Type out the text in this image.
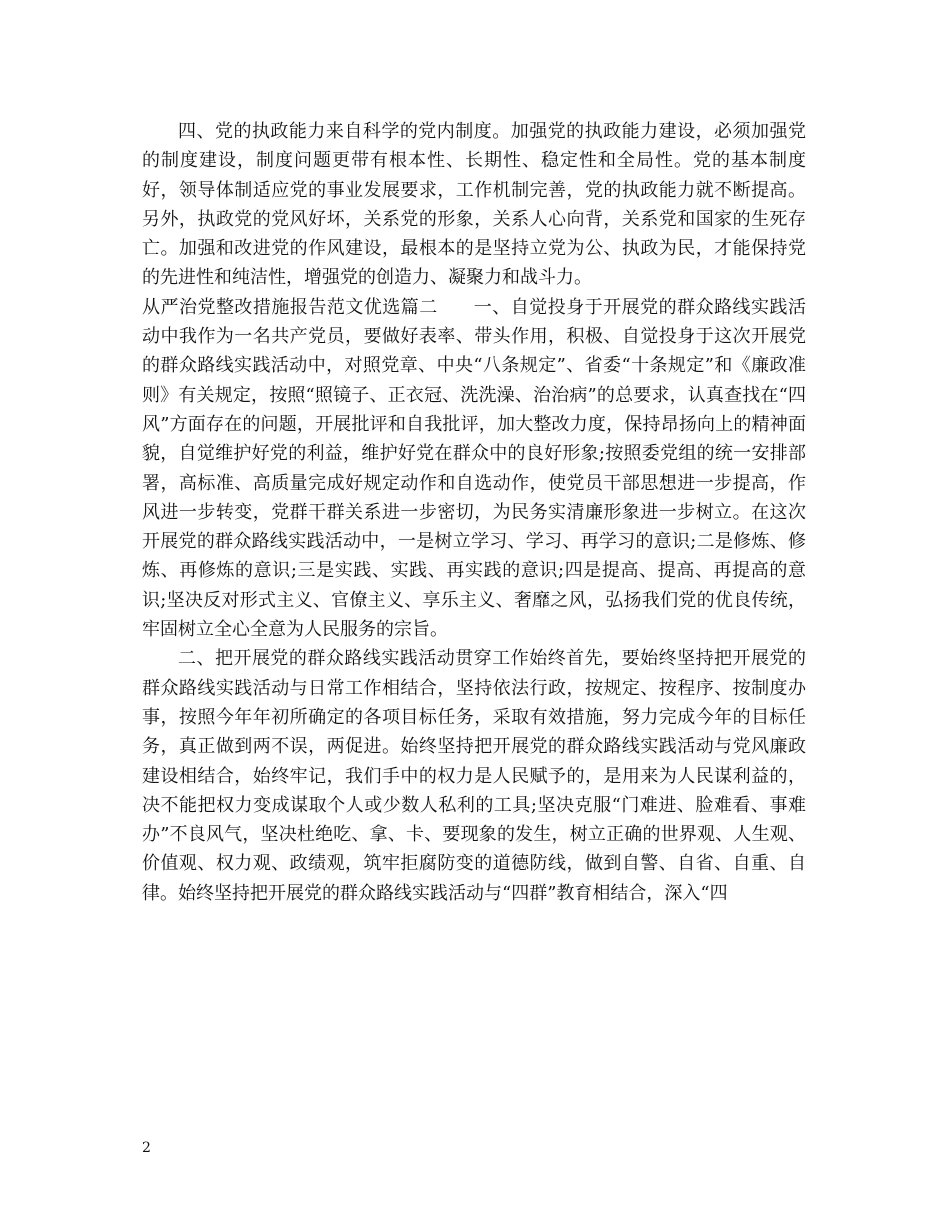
四、党的执政能力来自科学的党内制度。加强党的执政能力建设，必须加强党的制度建设，制度问题更带有根本性、长期性、稳定性和全局性。党的基本制度好，领导体制适应党的事业发展要求，工作机制完善，党的执政能力就不断提高。另外，执政党的党风好坏，关系党的形象，关系人心向背，关系党和国家的生死存亡。加强和改进党的作风建设，最根本的是坚持立党为公、执政为民，才能保持党的先进性和纯洁性，增强党的创造力、凝聚力和战斗力。

从严治党整改措施报告范文优选篇二 一、自觉投身于开展党的群众路线实践活动中我作为一名共产党员，要做好表率、带头作用，积极、自觉投身于这次开展党的群众路线实践活动中，对照党章、中央“八条规定”、省委“十条规定”和《廉政准则》有关规定，按照“照镜子、正衣冠、洗洗澡、治治病”的总要求，认真查找在“四风”方面存在的问题，开展批评和自我批评，加大整改力度，保持昂扬向上的精神面貌，自觉维护好党的利益，维护好党在群众中的良好形象;按照委党组的统一安排部署，高标准、高质量完成好规定动作和自选动作，使党员干部思想进一步提高，作风进一步转变，党群干群关系进一步密切，为民务实清廉形象进一步树立。在这次开展党的群众路线实践活动中，一是树立学习、学习、再学习的意识;二是修炼、修炼、再修炼的意识;三是实践、实践、再实践的意识;四是提高、提高、再提高的意识;坚决反对形式主义、官僚主义、享乐主义、奢靡之风，弘扬我们党的优良传统，牢固树立全心全意为人民服务的宗旨。

二、把开展党的群众路线实践活动贯穿工作始终首先，要始终坚持把开展党的群众路线实践活动与日常工作相结合，坚持依法行政，按规定、按程序、按制度办事，按照今年年初所确定的各项目标任务，采取有效措施，努力完成今年的目标任务，真正做到两不误，两促进。始终坚持把开展党的群众路线实践活动与党风廉政建设相结合，始终牢记，我们手中的权力是人民赋予的，是用来为人民谋利益的，决不能把权力变成谋取个人或少数人私利的工具;坚决克服“门难进、脸难看、事难办”不良风气，坚决杜绝吃、拿、卡、要现象的发生，树立正确的世界观、人生观、价值观、权力观、政绩观，筑牢拒腐防变的道德防线，做到自警、自省、自重、自律。始终坚持把开展党的群众路线实践活动与“四群”教育相结合，深入“四

2
